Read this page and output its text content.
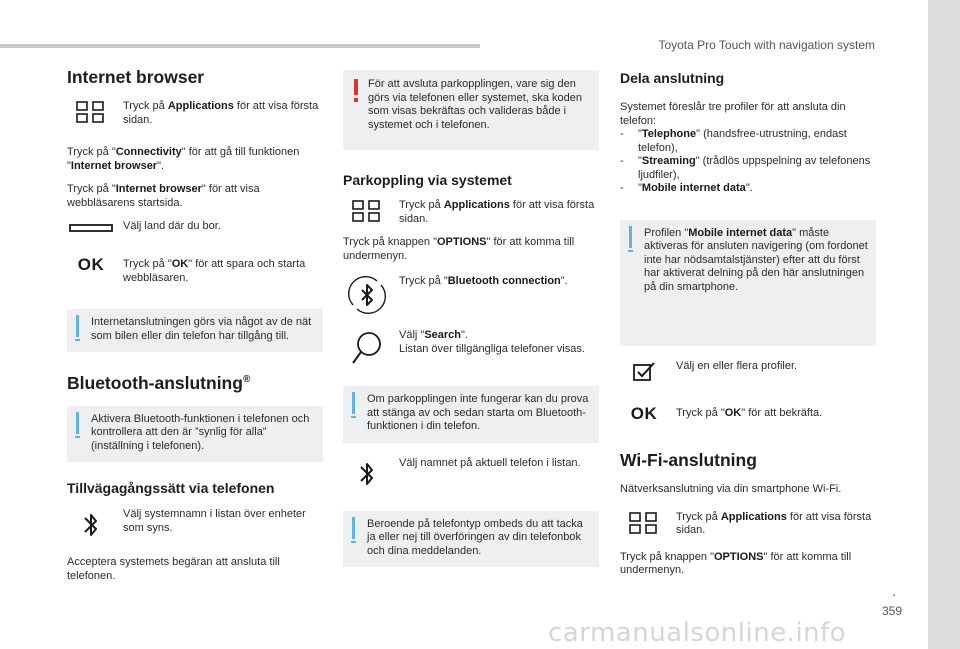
Toyota Pro Touch with navigation system
.
359
carmanualsonline.info
Internet browser

Tryck på Applications för att visa första sidan.

Tryck på "Connectivity" för att gå till funktionen "Internet browser".

Tryck på "Internet browser" för att visa webbläsarens startsida.

Välj land där du bor.

OK Tryck på "OK" för att spara och starta webbläsaren.

Internetanslutningen görs via något av de nät som bilen eller din telefon har tillgång till.

Bluetooth-anslutning®

Aktivera Bluetooth-funktionen i telefonen och kontrollera att den är ”synlig för alla” (inställning i telefonen).

Tillvägagångssätt via telefonen

Välj systemnamn i listan över enheter som syns.

Acceptera systemets begäran att ansluta till telefonen.

För att avsluta parkopplingen, vare sig den görs via telefonen eller systemet, ska koden som visas bekräftas och valideras både i systemet och i telefonen.

Parkoppling via systemet

Tryck på Applications för att visa första sidan.

Tryck på knappen "OPTIONS" för att komma till undermenyn.

Tryck på "Bluetooth connection".

Välj "Search".
Listan över tillgängliga telefoner visas.

Om parkopplingen inte fungerar kan du prova att stänga av och sedan starta om Bluetooth-funktionen i din telefon.

Välj namnet på aktuell telefon i listan.

Beroende på telefontyp ombeds du att tacka ja eller nej till överföringen av din telefonbok och dina meddelanden.

Dela anslutning

Systemet föreslår tre profiler för att ansluta din telefon:

- "Telephone" (handsfree-utrustning, endast telefon),
- "Streaming" (trådlös uppspelning av telefonens ljudfiler),
- "Mobile internet data".

Profilen "Mobile internet data" måste aktiveras för ansluten navigering (om fordonet inte har nödsamtalstjänster) efter att du först har aktiverat delning på den här anslutningen på din smartphone.

Välj en eller flera profiler.

OK Tryck på "OK" för att bekräfta.

Wi-Fi-anslutning

Nätverksanslutning via din smartphone Wi-Fi.

Tryck på Applications för att visa första sidan.

Tryck på knappen "OPTIONS" för att komma till undermenyn.
